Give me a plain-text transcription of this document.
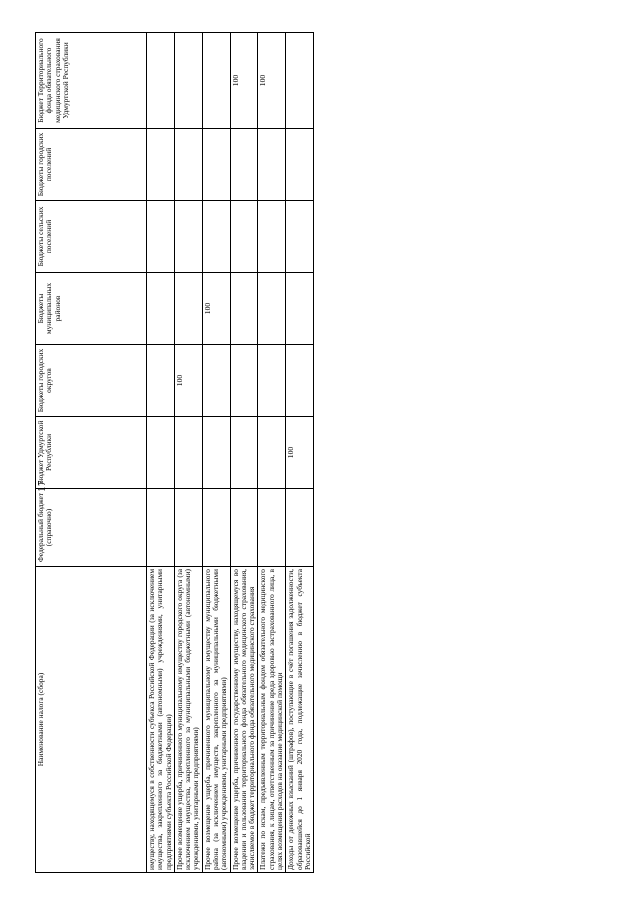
17
Наименование налога (сбора)	Федеральный бюджет (справочно)	Бюджет Удмуртской Республики	Бюджеты городских округов	Бюджеты муниципальных районов	Бюджеты сельских поселений	Бюджеты городских поселений	Бюджет Территориального фонда обязательного медицинского страхования Удмуртской Республики
имуществу, находящемуся в собственности субъекса Российской Федерации (за исключением имущества, закрепленного за бюджетными (автономными) учреждениями, унитарными предприятиями субъекта Российской Федерации)							
Прочее возмещение ущерба, причиненного муниципальному имуществу городского округа (за исключением имущества, закрепленного за муниципальными бюджетными (автономными) учреждениями, унитарными предприятиями)			100				
Прочее возмещение ущерба, причиненного муниципальному имуществу муниципального района (за исключением имуществ, закрепленного за муниципальными бюджетными (автономными) учреждениями, унитарными предприятиями)				100			
Прочее возмещение ущерба, причиненного государственному имуществу, находящемуся во владении и пользовании территориального фонда обязательного медицинского страхования, зачисляемое в бюджет территориального фонда обязательного медицинского страхования							100
Платежи по искам, предъявленным территориальным фондом обязательного медицинского страхования, к лицам, ответственным за причинение вреда здоровью застрахованного лица, в целях возмещения расходов на оказание медицинской помощи							100
Доходы от денежных взысканий (штрафов), поступающие в счёт погашения задолженности, образовавшейся до 1 января 2020 года, подлежащие зачислению в бюджет субъекта Российской		100					
